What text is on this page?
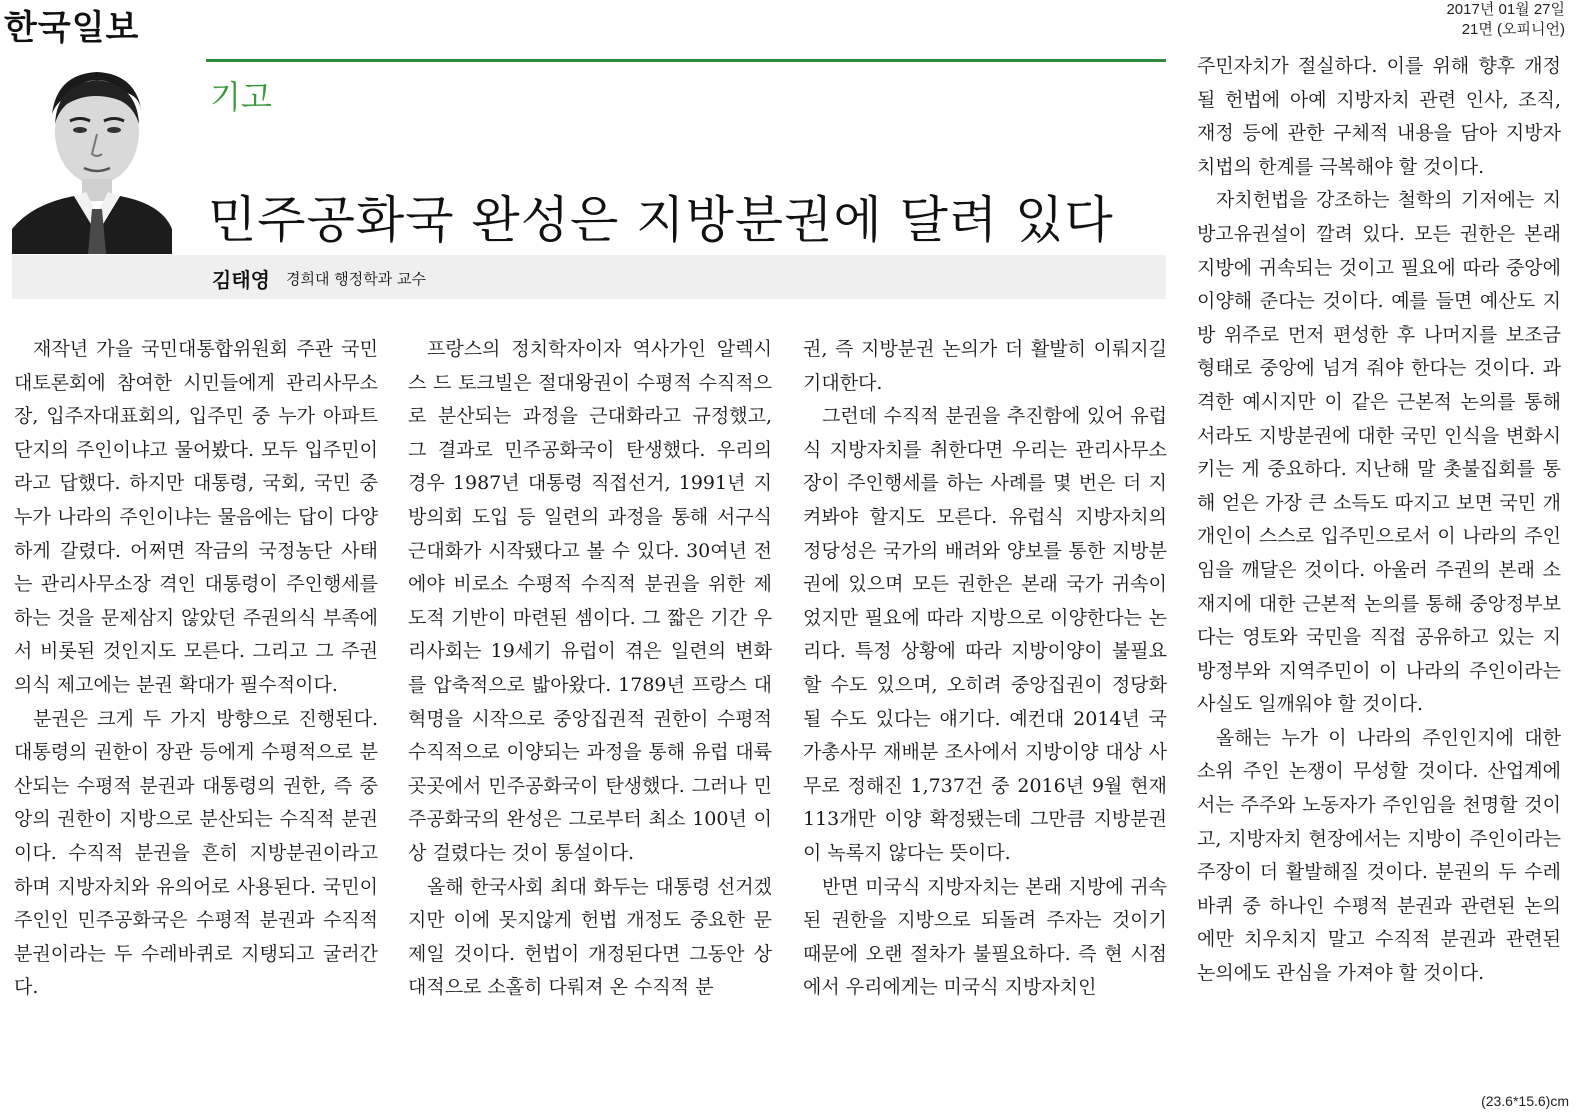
한국일보	2017년 01월 27일
21면 (오피니언)
기고
민주공화국 완성은 지방분권에 달려 있다
김태영 경희대 행정학과 교수

재작년 가을 국민대통합위원회 주관 국민대토론회에 참여한 시민들에게 관리사무소장, 입주자대표회의, 입주민 중 누가 아파트 단지의 주인이냐고 물어봤다. 모두 입주민이라고 답했다. 하지만 대통령, 국회, 국민 중 누가 나라의 주인이냐는 물음에는 답이 다양하게 갈렸다. 어쩌면 작금의 국정농단 사태는 관리사무소장 격인 대통령이 주인행세를 하는 것을 문제삼지 않았던 주권의식 부족에서 비롯된 것인지도 모른다. 그리고 그 주권의식 제고에는 분권 확대가 필수적이다.

분권은 크게 두 가지 방향으로 진행된다. 대통령의 권한이 장관 등에게 수평적으로 분산되는 수평적 분권과 대통령의 권한, 즉 중앙의 권한이 지방으로 분산되는 수직적 분권이다. 수직적 분권을 흔히 지방분권이라고 하며 지방자치와 유의어로 사용된다. 국민이 주인인 민주공화국은 수평적 분권과 수직적 분권이라는 두 수레바퀴로 지탱되고 굴러간다.

프랑스의 정치학자이자 역사가인 알렉시스 드 토크빌은 절대왕권이 수평적 수직적으로 분산되는 과정을 근대화라고 규정했고, 그 결과로 민주공화국이 탄생했다. 우리의 경우 1987년 대통령 직접선거, 1991년 지방의회 도입 등 일련의 과정을 통해 서구식 근대화가 시작됐다고 볼 수 있다. 30여년 전에야 비로소 수평적 수직적 분권을 위한 제도적 기반이 마련된 셈이다. 그 짧은 기간 우리사회는 19세기 유럽이 겪은 일련의 변화를 압축적으로 밟아왔다. 1789년 프랑스 대혁명을 시작으로 중앙집권적 권한이 수평적 수직적으로 이양되는 과정을 통해 유럽 대륙 곳곳에서 민주공화국이 탄생했다. 그러나 민주공화국의 완성은 그로부터 최소 100년 이상 걸렸다는 것이 통설이다.

올해 한국사회 최대 화두는 대통령 선거겠지만 이에 못지않게 헌법 개정도 중요한 문제일 것이다. 헌법이 개정된다면 그동안 상대적으로 소홀히 다뤄져 온 수직적 분

권, 즉 지방분권 논의가 더 활발히 이뤄지길 기대한다.

그런데 수직적 분권을 추진함에 있어 유럽식 지방자치를 취한다면 우리는 관리사무소장이 주인행세를 하는 사례를 몇 번은 더 지켜봐야 할지도 모른다. 유럽식 지방자치의 정당성은 국가의 배려와 양보를 통한 지방분권에 있으며 모든 권한은 본래 국가 귀속이었지만 필요에 따라 지방으로 이양한다는 논리다. 특정 상황에 따라 지방이양이 불필요할 수도 있으며, 오히려 중앙집권이 정당화될 수도 있다는 얘기다. 예컨대 2014년 국가총사무 재배분 조사에서 지방이양 대상 사무로 정해진 1,737건 중 2016년 9월 현재 113개만 이양 확정됐는데 그만큼 지방분권이 녹록지 않다는 뜻이다.

반면 미국식 지방자치는 본래 지방에 귀속된 권한을 지방으로 되돌려 주자는 것이기 때문에 오랜 절차가 불필요하다. 즉 현 시점에서 우리에게는 미국식 지방자치인

주민자치가 절실하다. 이를 위해 향후 개정될 헌법에 아예 지방자치 관련 인사, 조직, 재정 등에 관한 구체적 내용을 담아 지방자치법의 한계를 극복해야 할 것이다.

자치헌법을 강조하는 철학의 기저에는 지방고유권설이 깔려 있다. 모든 권한은 본래 지방에 귀속되는 것이고 필요에 따라 중앙에 이양해 준다는 것이다. 예를 들면 예산도 지방 위주로 먼저 편성한 후 나머지를 보조금 형태로 중앙에 넘겨 줘야 한다는 것이다. 과격한 예시지만 이 같은 근본적 논의를 통해서라도 지방분권에 대한 국민 인식을 변화시키는 게 중요하다. 지난해 말 촛불집회를 통해 얻은 가장 큰 소득도 따지고 보면 국민 개개인이 스스로 입주민으로서 이 나라의 주인임을 깨달은 것이다. 아울러 주권의 본래 소재지에 대한 근본적 논의를 통해 중앙정부보다는 영토와 국민을 직접 공유하고 있는 지방정부와 지역주민이 이 나라의 주인이라는 사실도 일깨워야 할 것이다.

올해는 누가 이 나라의 주인인지에 대한 소위 주인 논쟁이 무성할 것이다. 산업계에서는 주주와 노동자가 주인임을 천명할 것이고, 지방자치 현장에서는 지방이 주인이라는 주장이 더 활발해질 것이다. 분권의 두 수레바퀴 중 하나인 수평적 분권과 관련된 논의에만 치우치지 말고 수직적 분권과 관련된 논의에도 관심을 가져야 할 것이다.

(23.6*15.6)cm
